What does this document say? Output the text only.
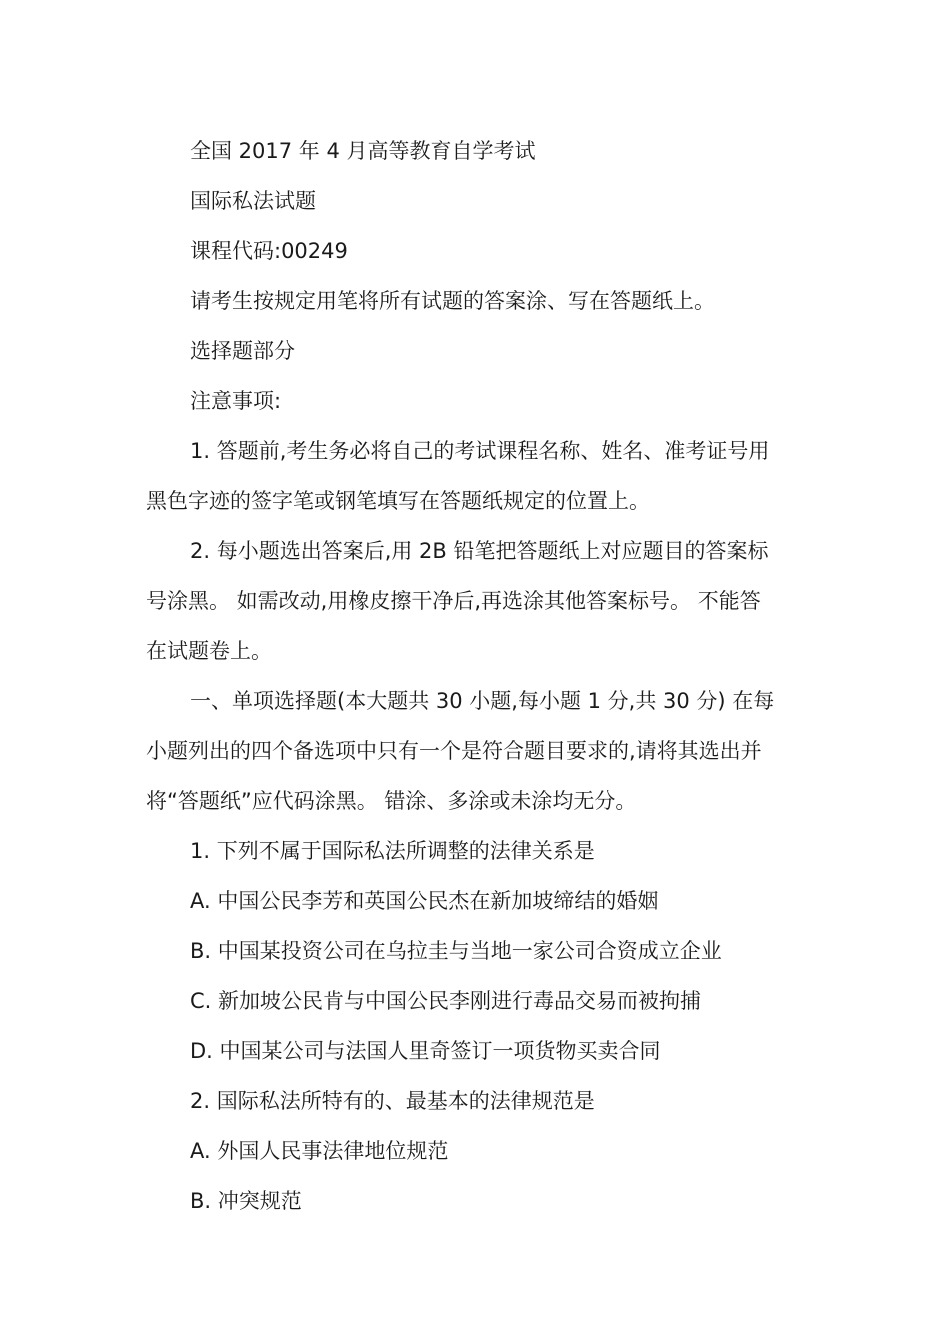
全国 2017 年 4 月高等教育自学考试
国际私法试题
课程代码:00249
请考生按规定用笔将所有试题的答案涂、写在答题纸上。
选择题部分
注意事项:
1. 答题前,考生务必将自己的考试课程名称、姓名、准考证号用
黑色字迹的签字笔或钢笔填写在答题纸规定的位置上。
2. 每小题选出答案后,用 2B 铅笔把答题纸上对应题目的答案标
号涂黑。 如需改动,用橡皮擦干净后,再选涂其他答案标号。 不能答
在试题卷上。
一、单项选择题(本大题共 30 小题,每小题 1 分,共 30 分) 在每
小题列出的四个备选项中只有一个是符合题目要求的,请将其选出并
将“答题纸”应代码涂黑。 错涂、多涂或未涂均无分。
1. 下列不属于国际私法所调整的法律关系是
A. 中国公民李芳和英国公民杰在新加坡缔结的婚姻
B. 中国某投资公司在乌拉圭与当地一家公司合资成立企业
C. 新加坡公民肯与中国公民李刚进行毒品交易而被拘捕
D. 中国某公司与法国人里奇签订一项货物买卖合同
2. 国际私法所特有的、最基本的法律规范是
A. 外国人民事法律地位规范
B. 冲突规范
